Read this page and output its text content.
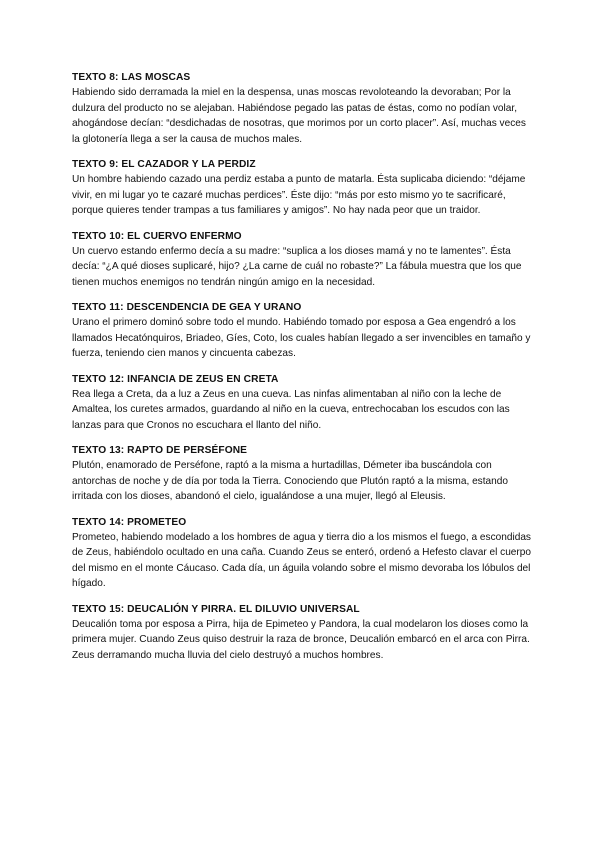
TEXTO 8: LAS MOSCAS

Habiendo sido derramada la miel en la despensa, unas moscas revoloteando la devoraban; Por la dulzura del producto no se alejaban. Habiéndose pegado las patas de éstas, como no podían volar, ahogándose decían: “desdichadas de nosotras, que morimos por un corto placer”. Así, muchas veces la glotonería llega a ser la causa de muchos males.

TEXTO 9: EL CAZADOR Y LA PERDIZ

Un hombre habiendo cazado una perdiz estaba a punto de matarla. Ésta suplicaba diciendo: “déjame vivir, en mi lugar yo te cazaré muchas perdices”. Éste dijo: “más por esto mismo yo te sacrificaré, porque quieres tender trampas a tus familiares y amigos”. No hay nada peor que un traidor.

TEXTO 10: EL CUERVO ENFERMO

Un cuervo estando enfermo decía a su madre: “suplica a los dioses mamá y no te lamentes”. Ésta decía: “¿A qué dioses suplicaré, hijo? ¿La carne de cuál no robaste?” La fábula muestra que los que tienen muchos enemigos no tendrán ningún amigo en la necesidad.

TEXTO 11: DESCENDENCIA DE GEA Y URANO

Urano el primero dominó sobre todo el mundo. Habiéndo tomado por esposa a Gea engendró a los llamados Hecatónquiros, Briadeo, Gíes, Coto, los cuales habían llegado a ser invencibles en tamaño y fuerza, teniendo cien manos y cincuenta cabezas.

TEXTO 12: INFANCIA DE ZEUS EN CRETA

Rea llega a Creta, da a luz a Zeus en una cueva. Las ninfas alimentaban al niño con la leche de Amaltea, los curetes armados, guardando al niño en la cueva, entrechocaban los escudos con las lanzas para que Cronos no escuchara el llanto del niño.

TEXTO 13: RAPTO DE PERSÉFONE

Plutón, enamorado de Perséfone, raptó a la misma a hurtadillas, Démeter iba buscándola con antorchas de noche y de día por toda la Tierra. Conociendo que Plutón raptó a la misma, estando irritada con los dioses, abandonó el cielo, igualándose a una mujer, llegó al Eleusis.

TEXTO 14: PROMETEO

Prometeo, habiendo modelado a los hombres de agua y tierra dio a los mismos el fuego, a escondidas de Zeus, habiéndolo ocultado en una caña. Cuando Zeus se enteró, ordenó a Hefesto clavar el cuerpo del mismo en el monte Cáucaso. Cada día, un águila volando sobre el mismo devoraba los lóbulos del hígado.

TEXTO 15: DEUCALIÓN Y PIRRA. EL DILUVIO UNIVERSAL

Deucalión toma por esposa a Pirra, hija de Epimeteo y Pandora, la cual modelaron los dioses como la primera mujer. Cuando Zeus quiso destruir la raza de bronce, Deucalión embarcó en el arca con Pirra. Zeus derramando mucha lluvia del cielo destruyó a muchos hombres.
